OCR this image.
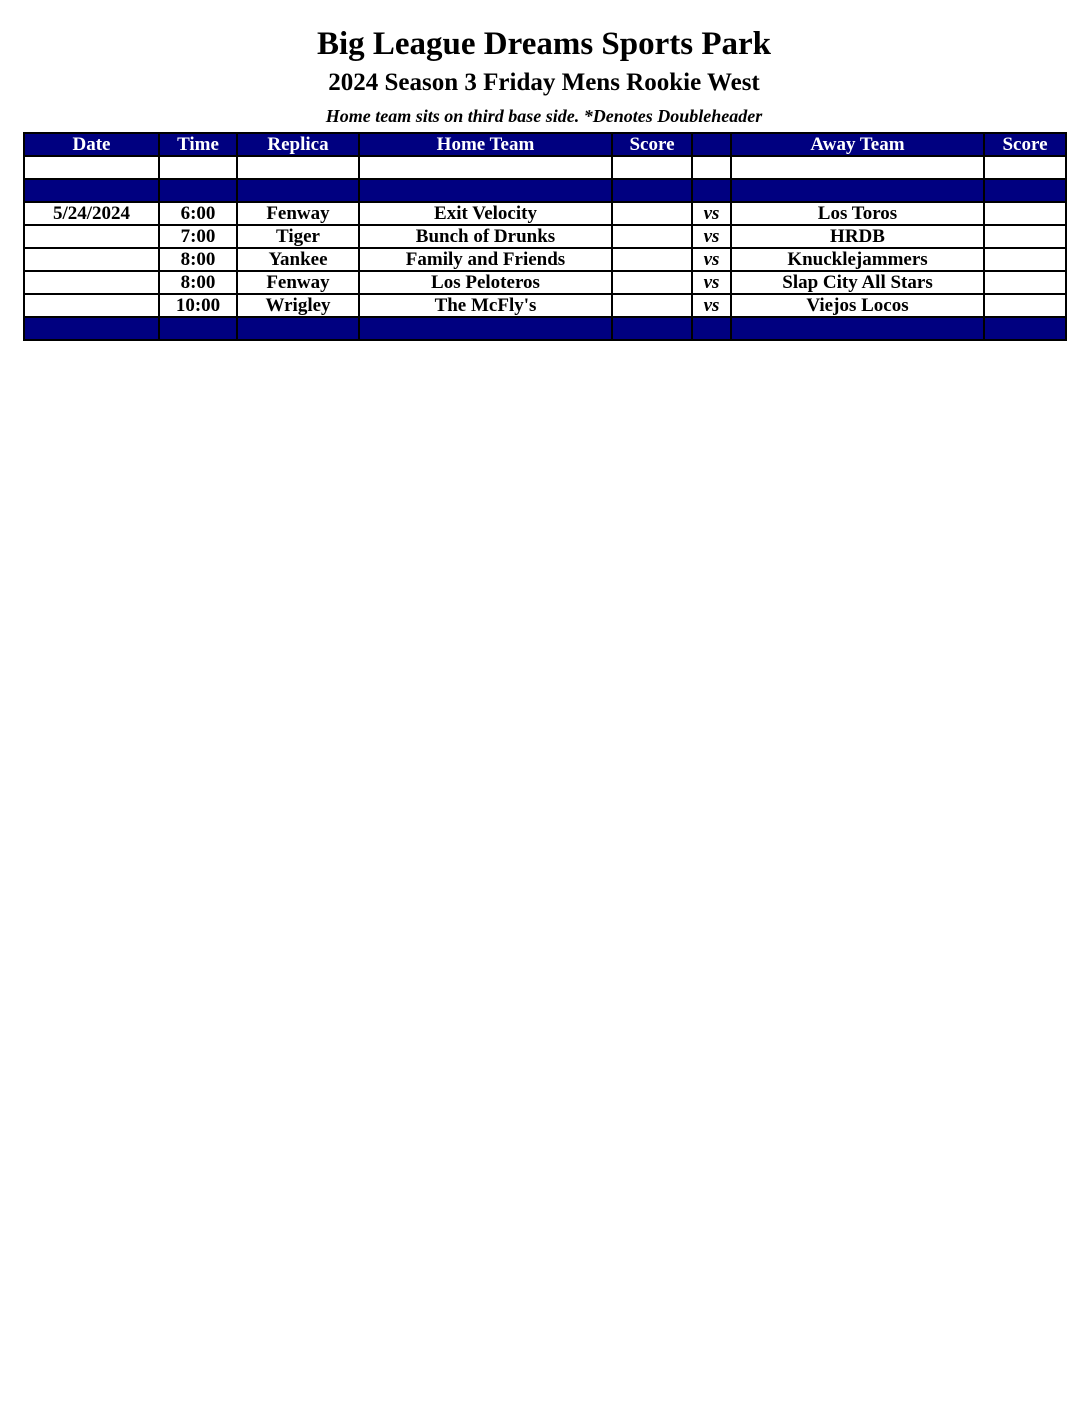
Big League Dreams Sports Park
2024 Season 3 Friday Mens Rookie West
Home team sits on third base side. *Denotes Doubleheader
Date	Time	Replica	Home Team	Score		Away Team	Score

5/24/2024	6:00	Fenway	Exit Velocity		vs	Los Toros	
	7:00	Tiger	Bunch of Drunks		vs	HRDB	
	8:00	Yankee	Family and Friends		vs	Knucklejammers	
	8:00	Fenway	Los Peloteros		vs	Slap City All Stars	
	10:00	Wrigley	The McFly's		vs	Viejos Locos	
